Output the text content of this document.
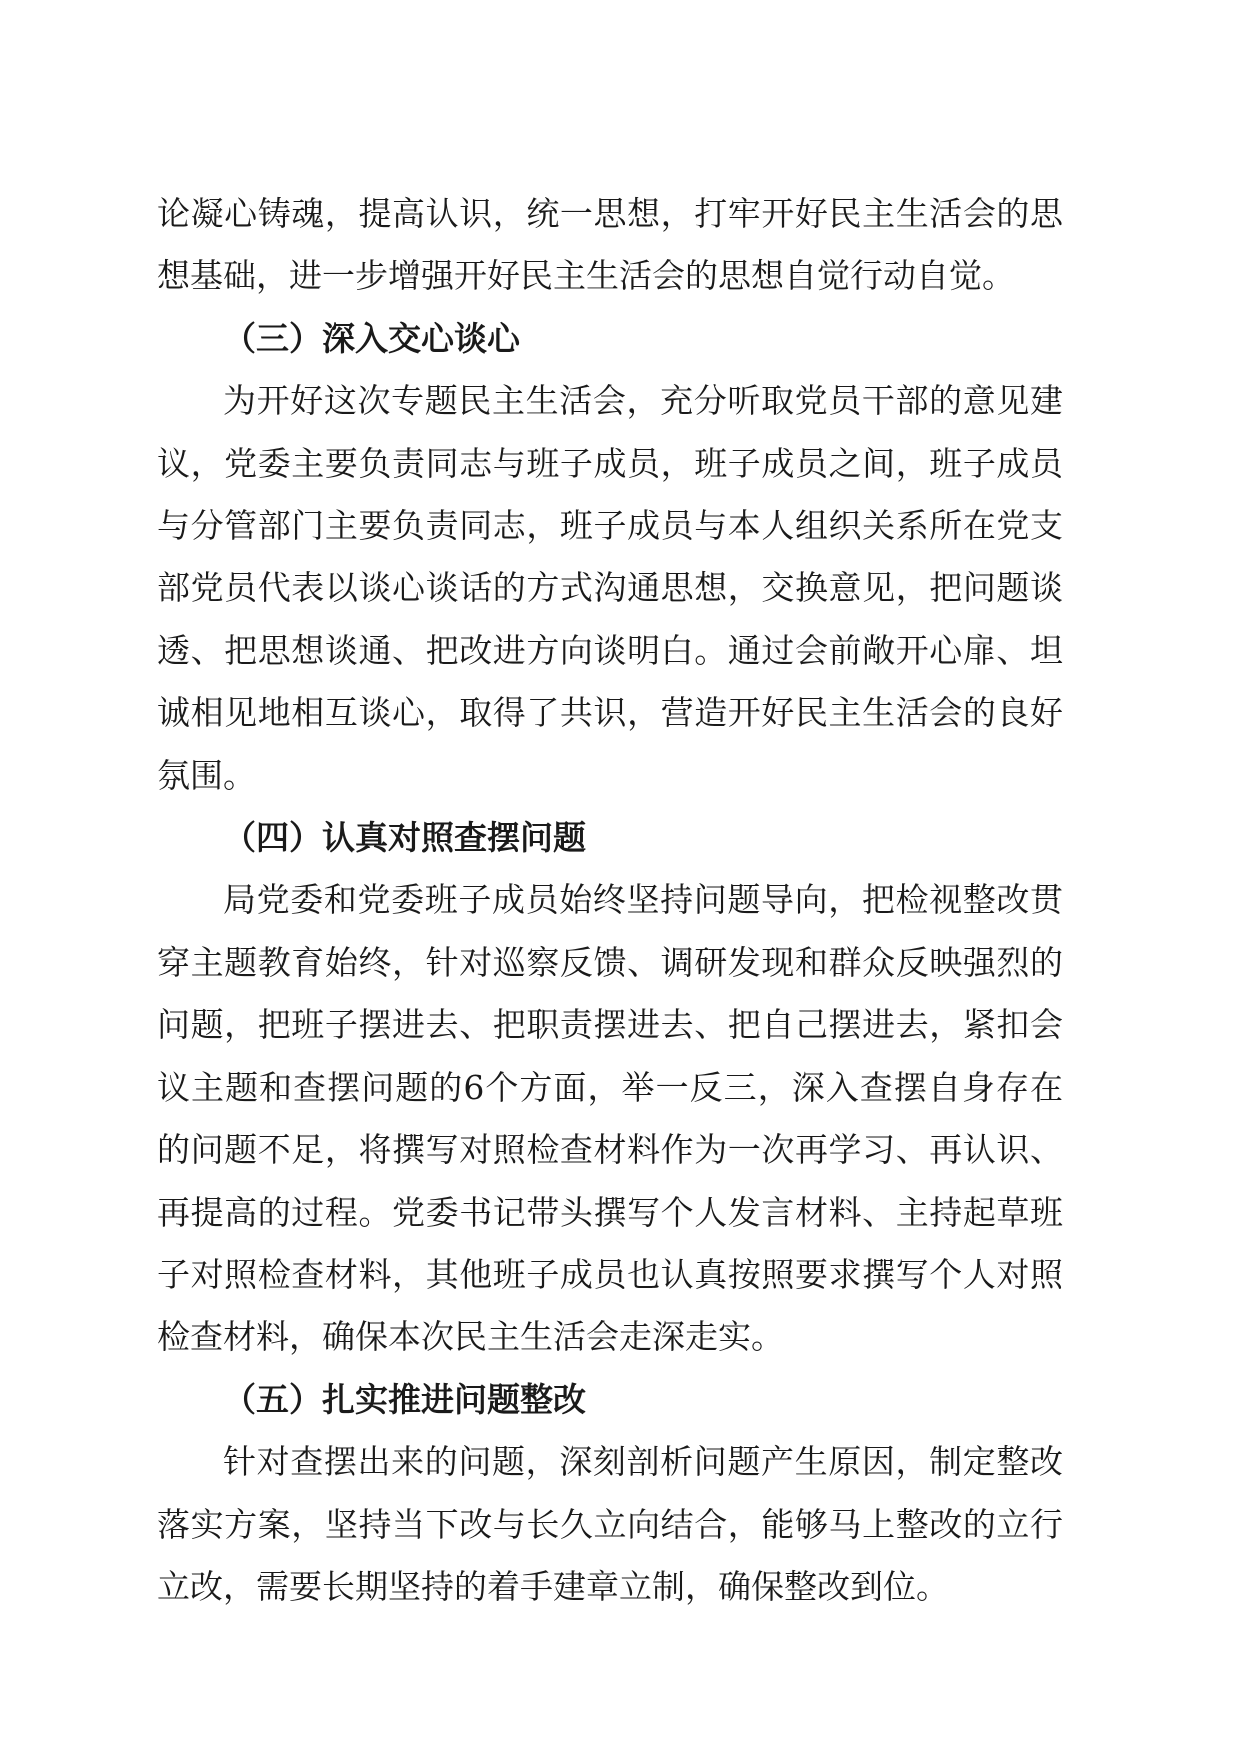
论凝心铸魂，提高认识，统一思想，打牢开好民主生活会的思想基础，进一步增强开好民主生活会的思想自觉行动自觉。

（三）深入交心谈心

为开好这次专题民主生活会，充分听取党员干部的意见建议，党委主要负责同志与班子成员，班子成员之间，班子成员与分管部门主要负责同志，班子成员与本人组织关系所在党支部党员代表以谈心谈话的方式沟通思想，交换意见，把问题谈透、把思想谈通、把改进方向谈明白。通过会前敞开心扉、坦诚相见地相互谈心，取得了共识，营造开好民主生活会的良好氛围。

（四）认真对照查摆问题

局党委和党委班子成员始终坚持问题导向，把检视整改贯穿主题教育始终，针对巡察反馈、调研发现和群众反映强烈的问题，把班子摆进去、把职责摆进去、把自己摆进去，紧扣会议主题和查摆问题的6个方面，举一反三，深入查摆自身存在的问题不足，将撰写对照检查材料作为一次再学习、再认识、再提高的过程。党委书记带头撰写个人发言材料、主持起草班子对照检查材料，其他班子成员也认真按照要求撰写个人对照检查材料，确保本次民主生活会走深走实。

（五）扎实推进问题整改

针对查摆出来的问题，深刻剖析问题产生原因，制定整改落实方案，坚持当下改与长久立向结合，能够马上整改的立行立改，需要长期坚持的着手建章立制，确保整改到位。
